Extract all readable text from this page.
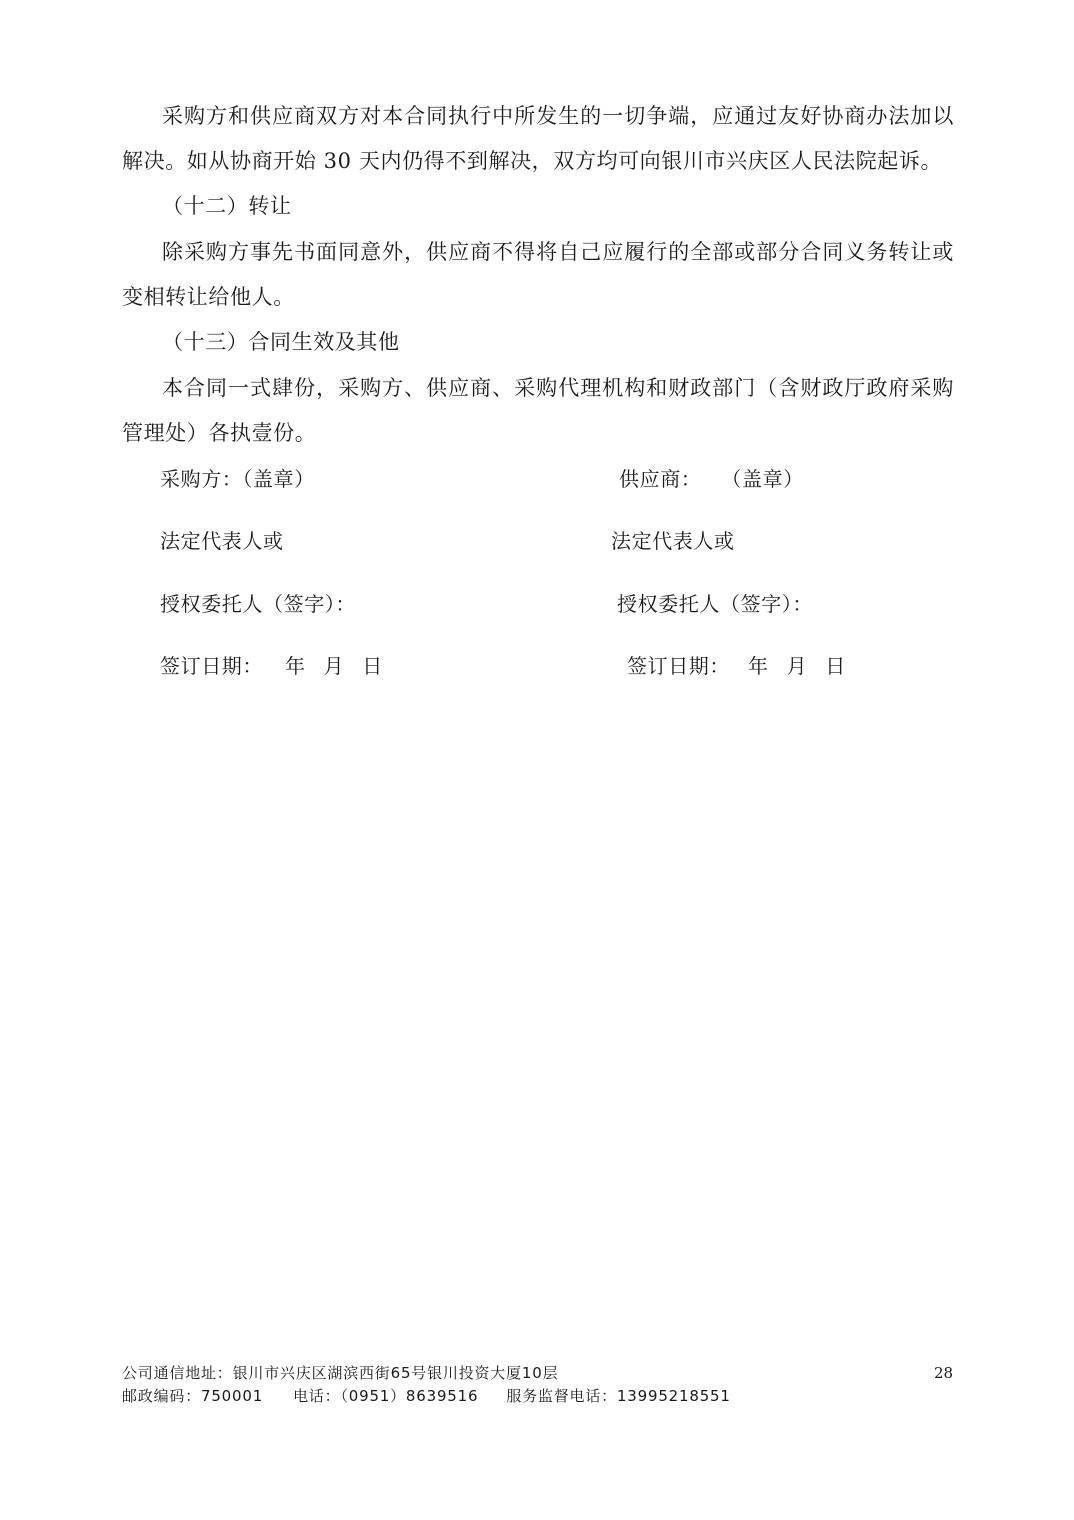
采购方和供应商双方对本合同执行中所发生的一切争端，应通过友好协商办法加以解决。如从协商开始 30 天内仍得不到解决，双方均可向银川市兴庆区人民法院起诉。

（十二）转让

除采购方事先书面同意外，供应商不得将自己应履行的全部或部分合同义务转让或变相转让给他人。

（十三）合同生效及其他

本合同一式肆份，采购方、供应商、采购代理机构和财政部门（含财政厅政府采购管理处）各执壹份。

采购方：（盖章）
法定代表人或
授权委托人（签字）：
签订日期： 年 月 日
供应商： （盖章）
法定代表人或
授权委托人（签字）：
签订日期： 年 月 日
公司通信地址：银川市兴庆区湖滨西街65号银川投资大厦10层
邮政编码：750001 电话：（0951）8639516 服务监督电话：13995218551
28
